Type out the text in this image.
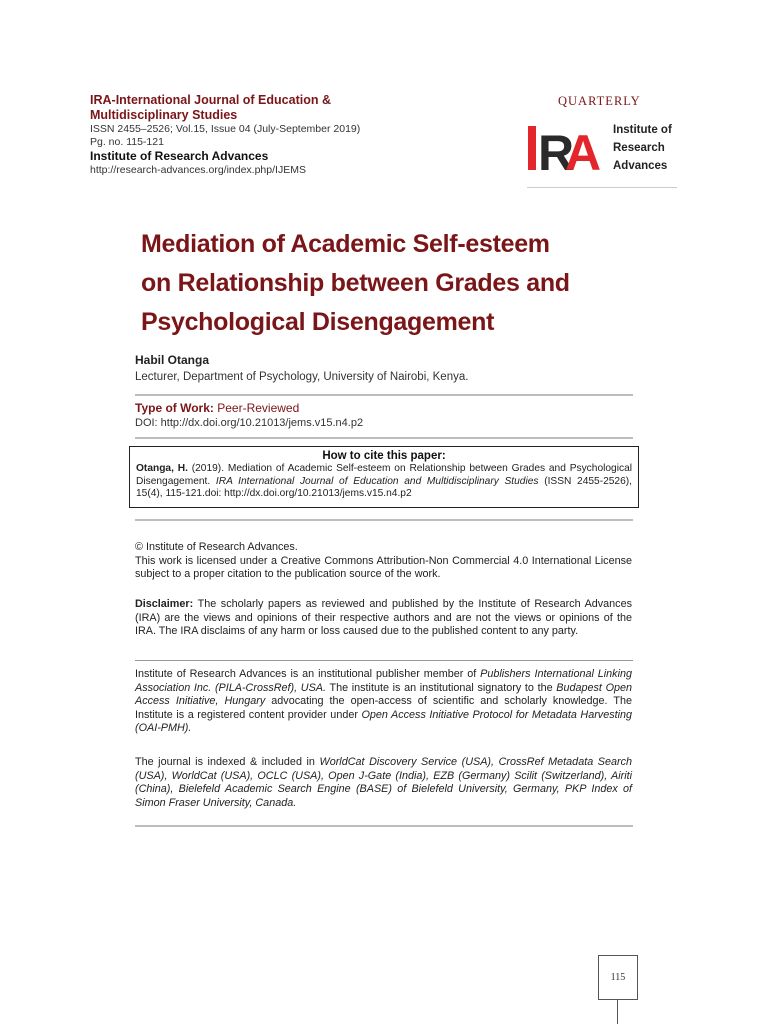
IRA-International Journal of Education & Multidisciplinary Studies
ISSN 2455–2526; Vol.15, Issue 04 (July-September 2019)
Pg. no. 115-121
Institute of Research Advances
http://research-advances.org/index.php/IJEMS
QUARTERLY
R
A Institute of
Research
Advances
Mediation of Academic Self-esteem
on Relationship between Grades and
Psychological Disengagement
Habil Otanga
Lecturer, Department of Psychology, University of Nairobi, Kenya.
Type of Work: Peer-Reviewed
DOI: http://dx.doi.org/10.21013/jems.v15.n4.p2
How to cite this paper:
Otanga, H. (2019). Mediation of Academic Self-esteem on Relationship between Grades and Psychological Disengagement. IRA International Journal of Education and Multidisciplinary Studies (ISSN 2455-2526), 15(4), 115-121.doi: http://dx.doi.org/10.21013/jems.v15.n4.p2
© Institute of Research Advances.
This work is licensed under a Creative Commons Attribution-Non Commercial 4.0 International License subject to a proper citation to the publication source of the work.
Disclaimer: The scholarly papers as reviewed and published by the Institute of Research Advances (IRA) are the views and opinions of their respective authors and are not the views or opinions of the IRA. The IRA disclaims of any harm or loss caused due to the published content to any party.
Institute of Research Advances is an institutional publisher member of Publishers International Linking Association Inc. (PILA-CrossRef), USA. The institute is an institutional signatory to the Budapest Open Access Initiative, Hungary advocating the open-access of scientific and scholarly knowledge. The Institute is a registered content provider under Open Access Initiative Protocol for Metadata Harvesting (OAI-PMH).
The journal is indexed & included in WorldCat Discovery Service (USA), CrossRef Metadata Search (USA), WorldCat (USA), OCLC (USA), Open J-Gate (India), EZB (Germany) Scilit (Switzerland), Airiti (China), Bielefeld Academic Search Engine (BASE) of Bielefeld University, Germany, PKP Index of Simon Fraser University, Canada.
115
